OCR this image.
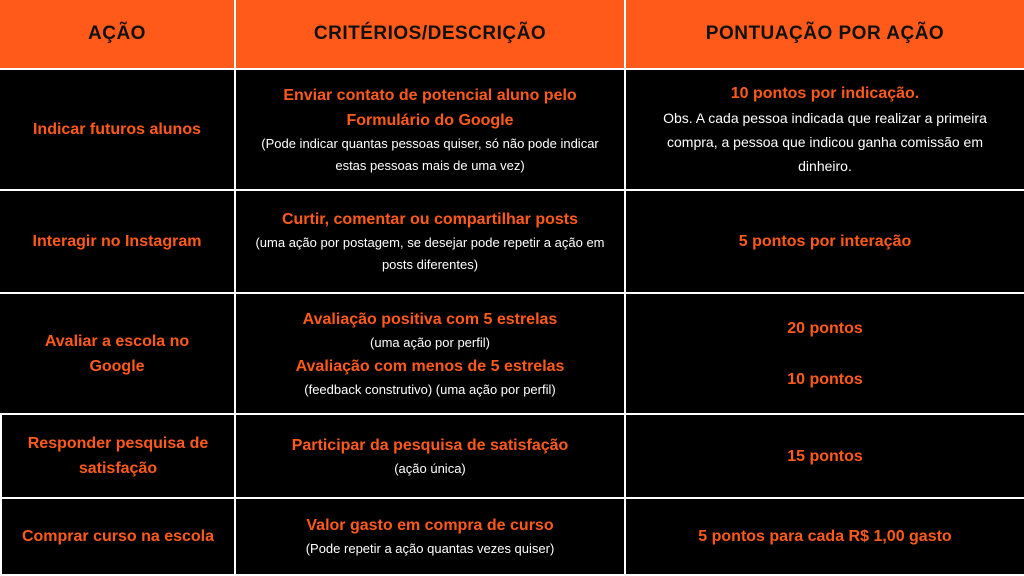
AÇÃO	CRITÉRIOS/DESCRIÇÃO	PONTUAÇÃO POR AÇÃO
Indicar futuros alunos
Enviar contato de potencial aluno pelo Formulário do Google
(Pode indicar quantas pessoas quiser, só não pode indicar estas pessoas mais de uma vez)
10 pontos por indicação.
Obs. A cada pessoa indicada que realizar a primeira compra, a pessoa que indicou ganha comissão em dinheiro.
Interagir no Instagram
Curtir, comentar ou compartilhar posts
(uma ação por postagem, se desejar pode repetir a ação em posts diferentes)
5 pontos por interação
Avaliar a escola no Google
Avaliação positiva com 5 estrelas
(uma ação por perfil)
Avaliação com menos de 5 estrelas
(feedback construtivo) (uma ação por perfil)
20 pontos
10 pontos
Responder pesquisa de satisfação
Participar da pesquisa de satisfação
(ação única)
15 pontos
Comprar curso na escola
Valor gasto em compra de curso
(Pode repetir a ação quantas vezes quiser)
5 pontos para cada R$ 1,00 gasto
